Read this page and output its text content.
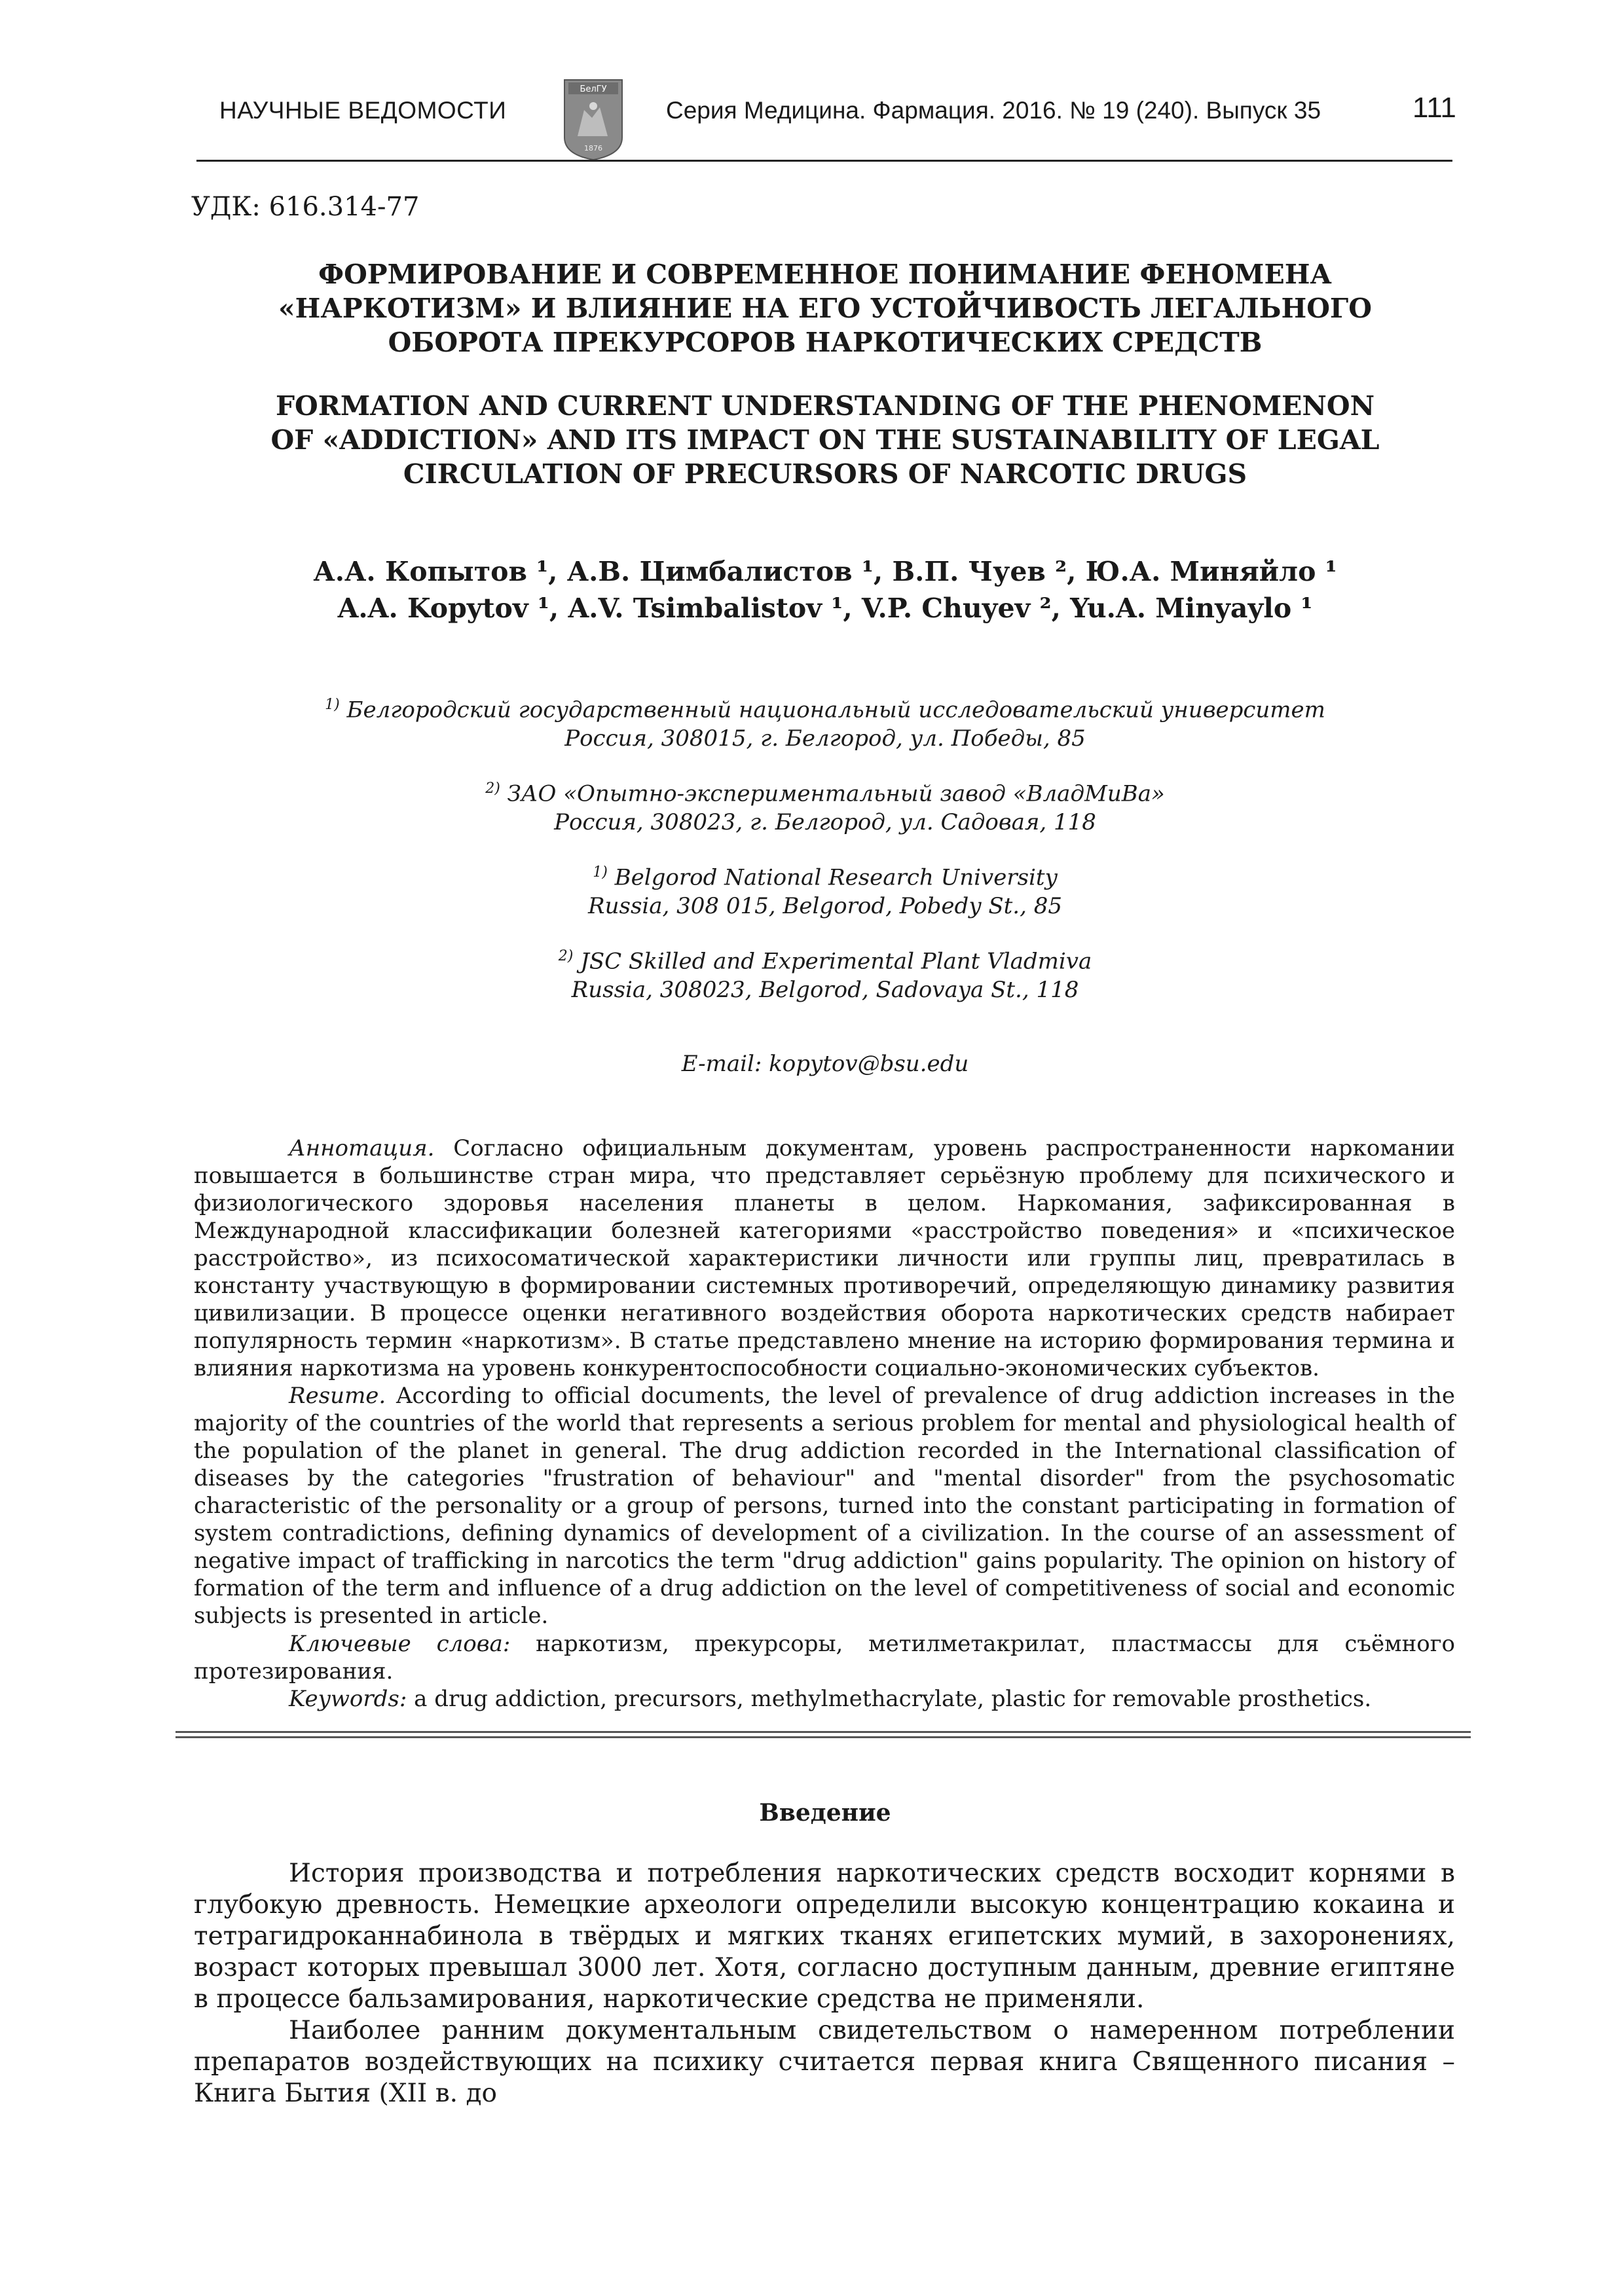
НАУЧНЫЕ ВЕДОМОСТИ
БелГУ
1876
Серия Медицина. Фармация. 2016. № 19 (240). Выпуск 35	111
УДК: 616.314-77
ФОРМИРОВАНИЕ И СОВРЕМЕННОЕ ПОНИМАНИЕ ФЕНОМЕНА
«НАРКОТИЗМ» И ВЛИЯНИЕ НА ЕГО УСТОЙЧИВОСТЬ ЛЕГАЛЬНОГО
ОБОРОТА ПРЕКУРСОРОВ НАРКОТИЧЕСКИХ СРЕДСТВ
FORMATION AND CURRENT UNDERSTANDING OF THE PHENOMENON
OF «ADDICTION» AND ITS IMPACT ON THE SUSTAINABILITY OF LEGAL
CIRCULATION OF PRECURSORS OF NARCOTIC DRUGS
А.А. Копытов ¹, А.В. Цимбалистов ¹, В.П. Чуев ², Ю.А. Миняйло ¹
A.A. Kopytov ¹, A.V. Tsimbalistov ¹, V.P. Chuyev ², Yu.A. Minyaylo ¹
$^{1)}$ Белгородский государственный национальный исследовательский университет
Россия, 308015, г. Белгород, ул. Победы, 85
$^{2)}$ ЗАО «Опытно-экспериментальный завод «ВладМиВа»
Россия, 308023, г. Белгород, ул. Садовая, 118
$^{1)}$ Belgorod National Research University
Russia, 308 015, Belgorod, Pobedy St., 85
$^{2)}$ JSC Skilled and Experimental Plant Vladmiva
Russia, 308023, Belgorod, Sadovaya St., 118
E-mail: kopytov@bsu.edu

Аннотация. Согласно официальным документам, уровень распространенности наркомании повышается в большинстве стран мира, что представляет серьёзную проблему для психического и физиологического здоровья населения планеты в целом. Наркомания, зафиксированная в Международной классификации болезней категориями «расстройство поведения» и «психическое расстройство», из психосоматической характеристики личности или группы лиц, превратилась в константу участвующую в формировании системных противоречий, определяющую динамику развития цивилизации. В процессе оценки негативного воздействия оборота наркотических средств набирает популярность термин «наркотизм». В статье представлено мнение на историю формирования термина и влияния наркотизма на уровень конкурентоспособности социально-экономических субъектов.

Resume. According to official documents, the level of prevalence of drug addiction increases in the majority of the countries of the world that represents a serious problem for mental and physiological health of the population of the planet in general. The drug addiction recorded in the International classification of diseases by the categories "frustration of behaviour" and "mental disorder" from the psychosomatic characteristic of the personality or a group of persons, turned into the constant participating in formation of system contradictions, defining dynamics of development of a civilization. In the course of an assessment of negative impact of trafficking in narcotics the term "drug addiction" gains popularity. The opinion on history of formation of the term and influence of a drug addiction on the level of competitiveness of social and economic subjects is presented in article.

Ключевые слова: наркотизм, прекурсоры, метилметакрилат, пластмассы для съёмного протезирования.

Keywords: a drug addiction, precursors, methylmethacrylate, plastic for removable prosthetics.

Введение

История производства и потребления наркотических средств восходит корнями в глубокую древность. Немецкие археологи определили высокую концентрацию кокаина и тетрагидроканнабинола в твёрдых и мягких тканях египетских мумий, в захоронениях, возраст которых превышал 3000 лет. Хотя, согласно доступным данным, древние египтяне в процессе бальзамирования, наркотические средства не применяли.

Наиболее ранним документальным свидетельством о намеренном потреблении препаратов воздействующих на психику считается первая книга Священного писания – Книга Бытия (XII в. до
